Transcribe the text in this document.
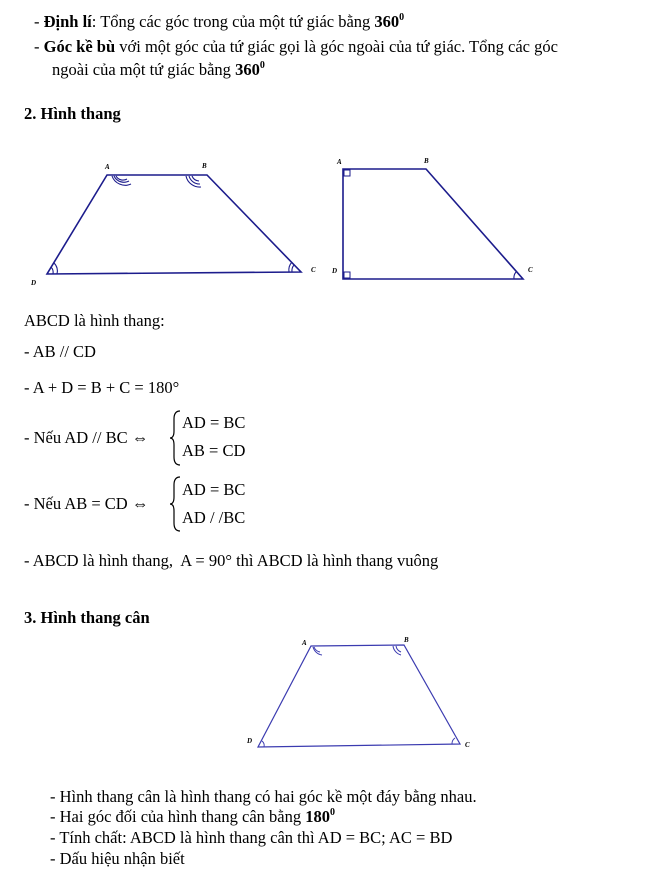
- Định lí: Tổng các góc trong của một tứ giác bằng $360^0$
- Góc kề bù với một góc của tứ giác gọi là góc ngoài của tứ giác. Tổng các góc
ngoài của một tứ giác bằng $360^0$
2. Hình thang
A	B
C
D
A	B
C
D
ABCD là hình thang:
- AB // CD
- A + D = B + C = 180°
- Nếu AD // BC ⇔
AD = BC
AB = CD
- Nếu AB = CD ⇔
AD = BC
AD / /BC
- ABCD là hình thang, A = 90° thì ABCD là hình thang vuông
3. Hình thang cân
A	B
C
D
- Hình thang cân là hình thang có hai góc kề một đáy bằng nhau.
- Hai góc đối của hình thang cân bằng $180^0$
- Tính chất: ABCD là hình thang cân thì AD = BC; AC = BD
- Dấu hiệu nhận biết
